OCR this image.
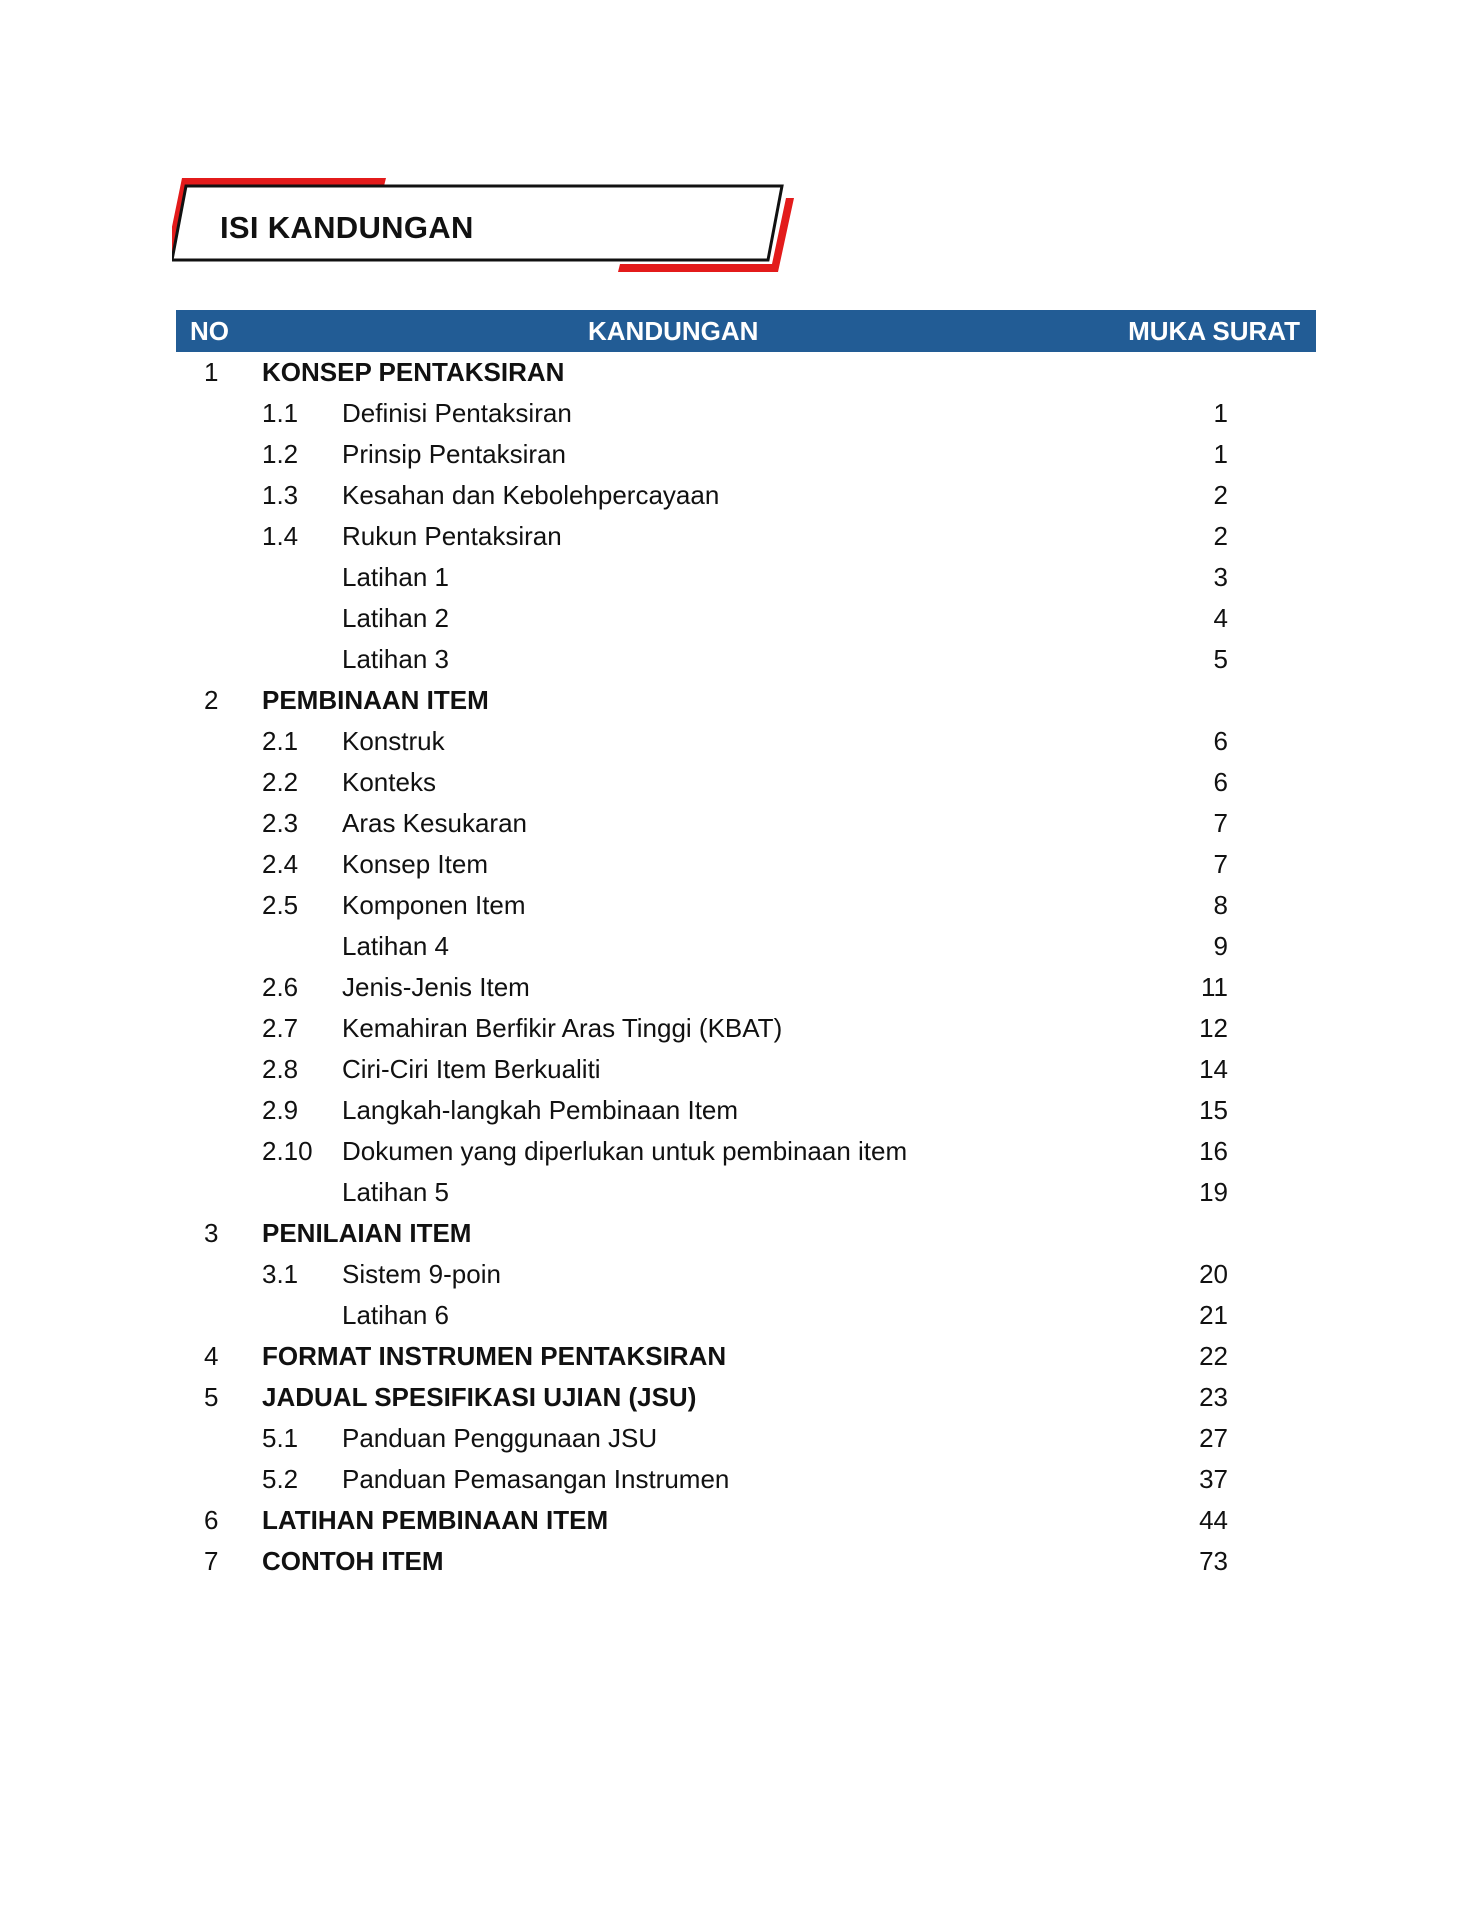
ISI KANDUNGAN
NO	KANDUNGAN	MUKA SURAT
1 KONSEP PENTAKSIRAN
1.1 Definisi Pentaksiran	1
1.2 Prinsip Pentaksiran	1
1.3 Kesahan dan Kebolehpercayaan	2
1.4 Rukun Pentaksiran	2
Latihan 1	3
Latihan 2	4
Latihan 3	5
2 PEMBINAAN ITEM
2.1 Konstruk	6
2.2 Konteks	6
2.3 Aras Kesukaran	7
2.4 Konsep Item	7
2.5 Komponen Item	8
Latihan 4	9
2.6 Jenis-Jenis Item	11
2.7 Kemahiran Berfikir Aras Tinggi (KBAT)	12
2.8 Ciri-Ciri Item Berkualiti	14
2.9 Langkah-langkah Pembinaan Item	15
2.10 Dokumen yang diperlukan untuk pembinaan item	16
Latihan 5	19
3 PENILAIAN ITEM
3.1 Sistem 9-poin	20
Latihan 6	21
4 FORMAT INSTRUMEN PENTAKSIRAN	22
5 JADUAL SPESIFIKASI UJIAN (JSU)	23
5.1 Panduan Penggunaan JSU	27
5.2 Panduan Pemasangan Instrumen	37
6 LATIHAN PEMBINAAN ITEM	44
7 CONTOH ITEM	73
